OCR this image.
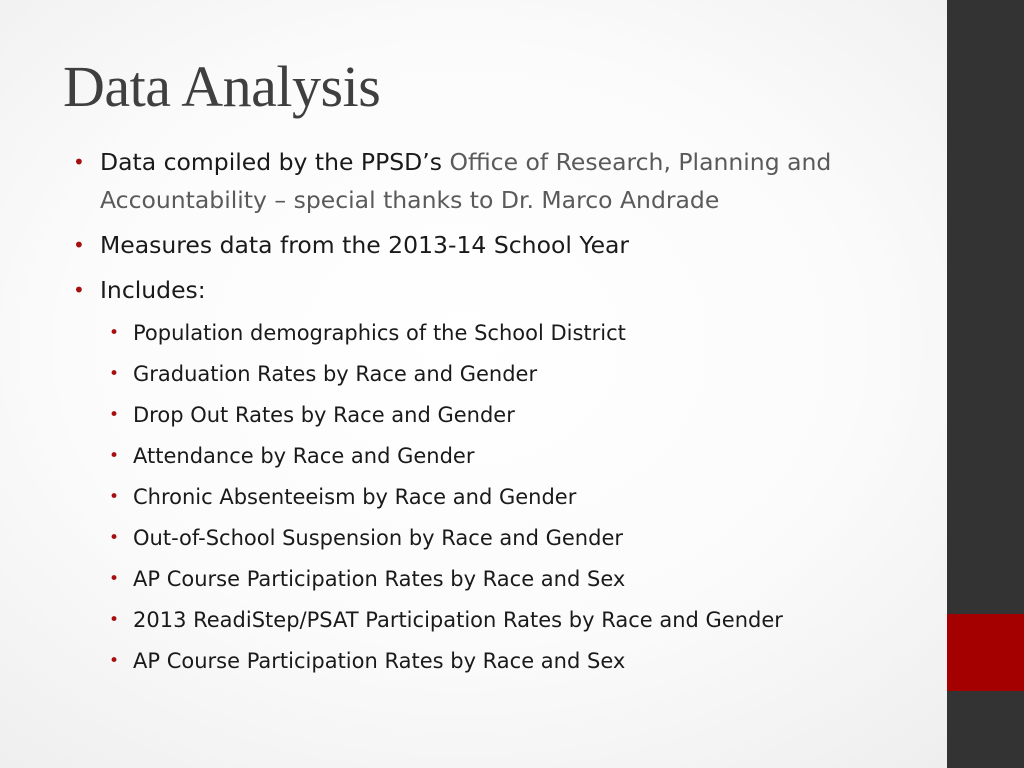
Data Analysis
• Data compiled by the PPSD’s Office of Research, Planning and Accountability – special thanks to Dr. Marco Andrade
• Measures data from the 2013-14 School Year
• Includes:
• Population demographics of the School District
• Graduation Rates by Race and Gender
• Drop Out Rates by Race and Gender
• Attendance by Race and Gender
• Chronic Absenteeism by Race and Gender
• Out-of-School Suspension by Race and Gender
• AP Course Participation Rates by Race and Sex
• 2013 ReadiStep/PSAT Participation Rates by Race and Gender
• AP Course Participation Rates by Race and Sex
